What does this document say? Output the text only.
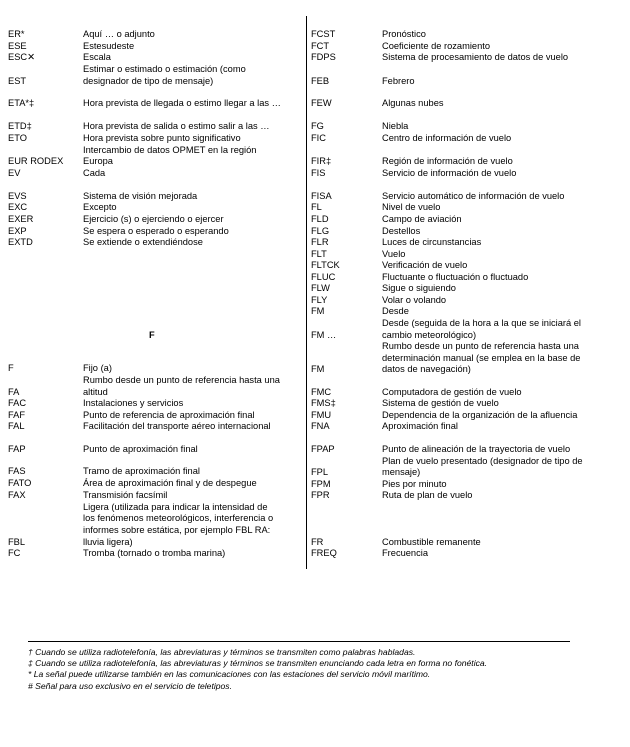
ER*	Aquí … o adjunto
ESE	Estesudeste
ESC✕	Escala
Estimar o estimado o estimación (como
EST	designador de tipo de mensaje)
ETA*‡	Hora prevista de llegada o estimo llegar a las …
ETD‡	Hora prevista de salida o estimo salir a las …
ETO	Hora prevista sobre punto significativo
Intercambio de datos OPMET en la región
EUR RODEX Europa
EV	Cada
EVS	Sistema de visión mejorada
EXC	Excepto
EXER	Ejercicio (s) o ejerciendo o ejercer
EXP	Se espera o esperado o esperando
EXTD	Se extiende o extendiéndose
F	Fijo (a)
Rumbo desde un punto de referencia hasta una
FA	altitud
FAC	Instalaciones y servicios
FAF	Punto de referencia de aproximación final
FAL	Facilitación del transporte aéreo internacional
FAP	Punto de aproximación final
FAS	Tramo de aproximación final
FATO	Área de aproximación final y de despegue
FAX	Transmisión facsímil
Ligera (utilizada para indicar la intensidad de
los fenómenos meteorológicos, interferencia o
informes sobre estática, por ejemplo FBL RA:
FBL	lluvia ligera)
FC	Tromba (tornado o tromba marina)
FCST	Pronóstico
FCT	Coeficiente de rozamiento
FDPS	Sistema de procesamiento de datos de vuelo
FEB	Febrero
FEW	Algunas nubes
FG	Niebla
FIC	Centro de información de vuelo
FIR‡	Región de información de vuelo
FIS	Servicio de información de vuelo
FISA	Servicio automático de información de vuelo
FL	Nivel de vuelo
FLD	Campo de aviación
FLG	Destellos
FLR	Luces de circunstancias
FLT	Vuelo
FLTCK	Verificación de vuelo
FLUC	Fluctuante o fluctuación o fluctuado
FLW	Sigue o siguiendo
FLY	Volar o volando
FM	Desde
Desde (seguida de la hora a la que se iniciará el
FM …	cambio meteorológico)
Rumbo desde un punto de referencia hasta una
determinación manual (se emplea en la base de
FM	datos de navegación)
FMC	Computadora de gestión de vuelo
FMS‡	Sistema de gestión de vuelo
FMU	Dependencia de la organización de la afluencia
FNA	Aproximación final
FPAP	Punto de alineación de la trayectoria de vuelo
Plan de vuelo presentado (designador de tipo de
FPL	mensaje)
FPM	Pies por minuto
FPR	Ruta de plan de vuelo
FR	Combustible remanente
FREQ	Frecuencia
F
† Cuando se utiliza radiotelefonía, las abreviaturas y términos se transmiten como palabras habladas.
‡ Cuando se utiliza radiotelefonía, las abreviaturas y términos se transmiten enunciando cada letra en forma no fonética.
* La señal puede utilizarse también en las comunicaciones con las estaciones del servicio móvil marítimo.
# Señal para uso exclusivo en el servicio de teletipos.
